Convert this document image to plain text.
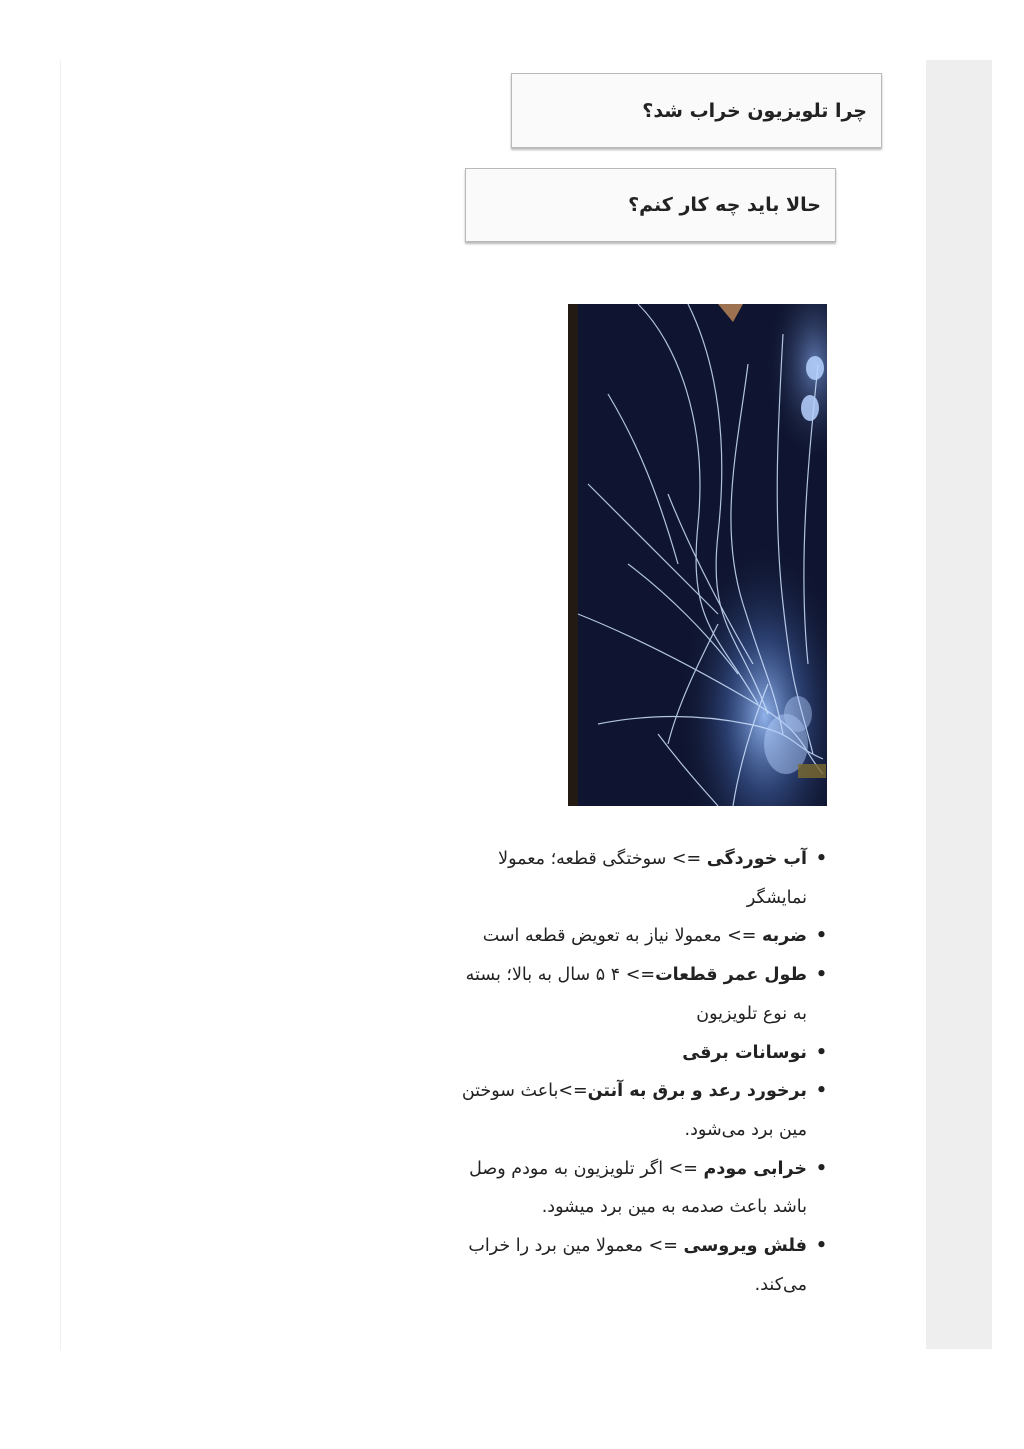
چرا تلویزیون خراب شد؟
حالا باید چه کار کنم؟
• آب خوردگی => سوختگی قطعه؛ معمولا نمایشگر
• ضربه => معمولا نیاز به تعویض قطعه است
• طول عمر قطعات=> ۴ ۵ سال به بالا؛ بسته به نوع تلویزیون
• نوسانات برقی
• برخورد رعد و برق به آنتن=>باعث سوختن مین برد می‌شود.
• خرابی مودم => اگر تلویزیون به مودم وصل باشد باعث صدمه به مین برد میشود.
• فلش ویروسی => معمولا مین برد را خراب می‌کند.
